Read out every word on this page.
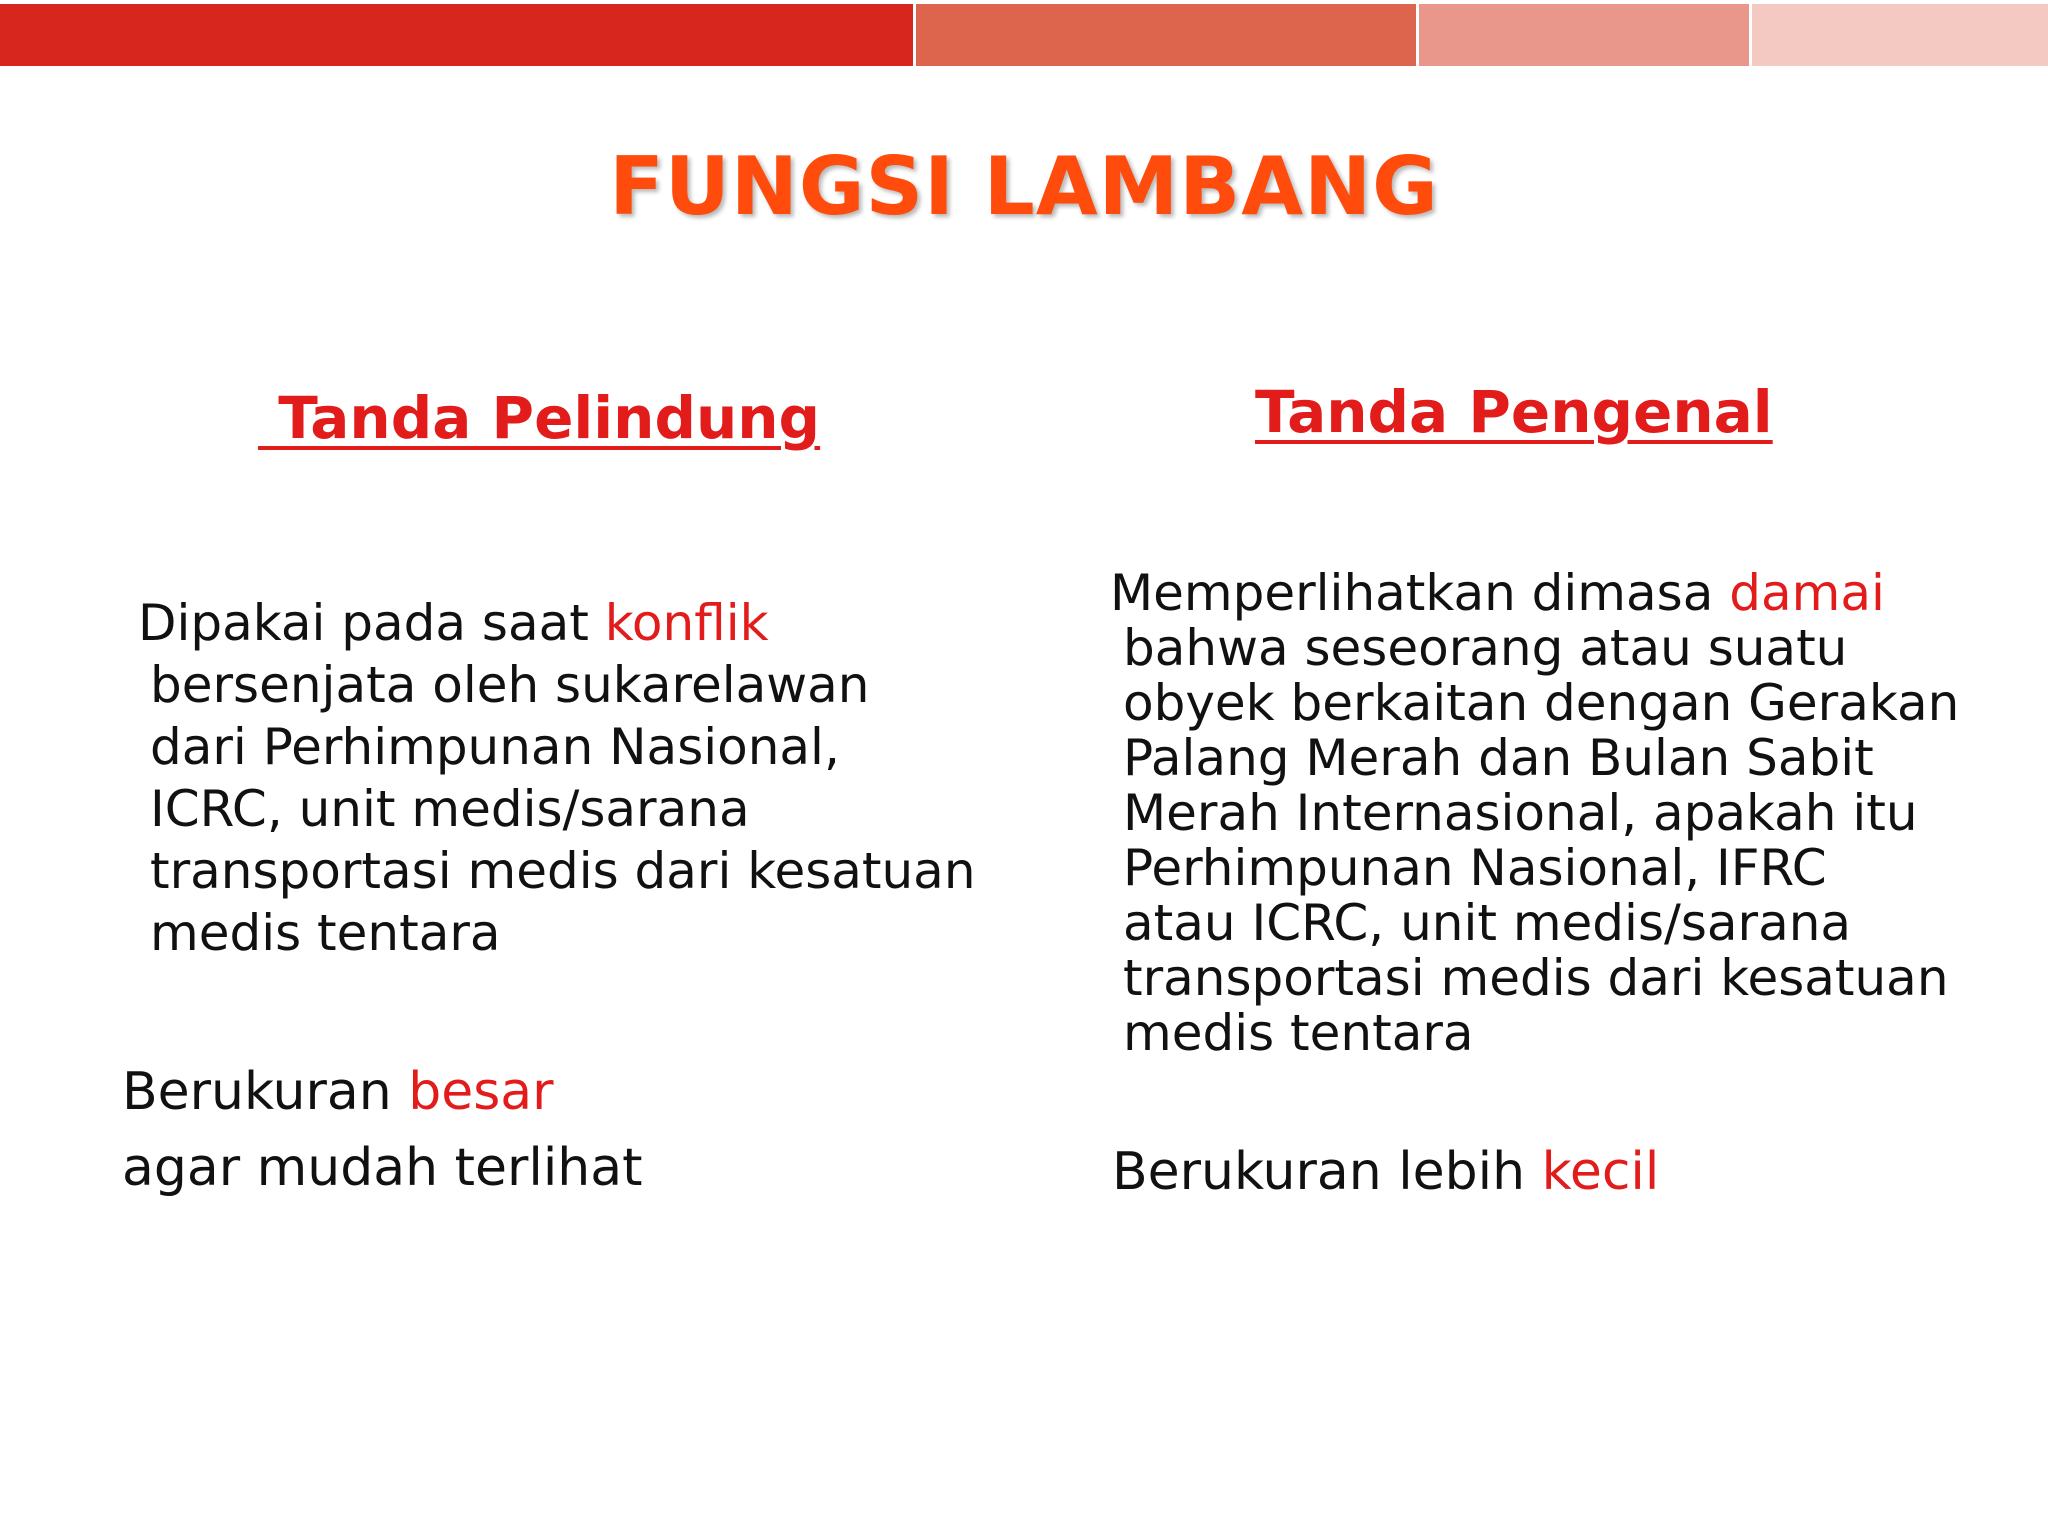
FUNGSI LAMBANG
Tanda Pelindung	Tanda Pengenal
Dipakai pada saat konflik
bersenjata oleh sukarelawan
dari Perhimpunan Nasional,
ICRC, unit medis/sarana
transportasi medis dari kesatuan
medis tentara
Berukuran besar
agar mudah terlihat
Memperlihatkan dimasa damai
bahwa seseorang atau suatu
obyek berkaitan dengan Gerakan
Palang Merah dan Bulan Sabit
Merah Internasional, apakah itu
Perhimpunan Nasional, IFRC
atau ICRC, unit medis/sarana
transportasi medis dari kesatuan
medis tentara
Berukuran lebih kecil
